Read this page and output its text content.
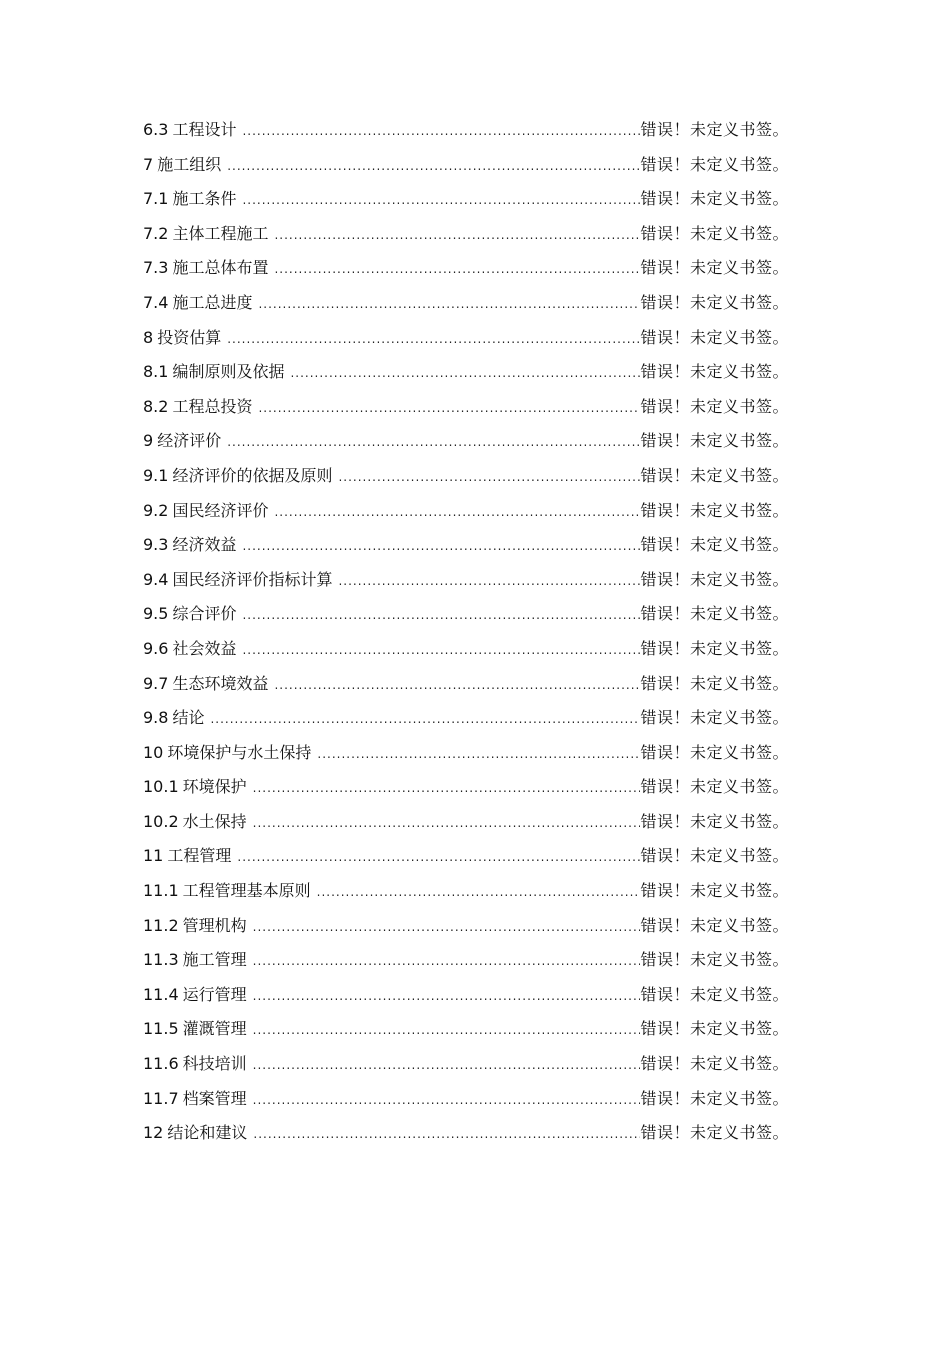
6.3 工程设计 .....	错误！未定义书签。
7 施工组织 .....	错误！未定义书签。
7.1 施工条件 .....	错误！未定义书签。
7.2 主体工程施工 .....	错误！未定义书签。
7.3 施工总体布置 .....	错误！未定义书签。
7.4 施工总进度 .....	错误！未定义书签。
8 投资估算 .....	错误！未定义书签。
8.1 编制原则及依据 .....	错误！未定义书签。
8.2 工程总投资 .....	错误！未定义书签。
9 经济评价 .....	错误！未定义书签。
9.1 经济评价的依据及原则 .....	错误！未定义书签。
9.2 国民经济评价 .....	错误！未定义书签。
9.3 经济效益 .....	错误！未定义书签。
9.4 国民经济评价指标计算 .....	错误！未定义书签。
9.5 综合评价 .....	错误！未定义书签。
9.6 社会效益 .....	错误！未定义书签。
9.7 生态环境效益 .....	错误！未定义书签。
9.8 结论 .....	错误！未定义书签。
10 环境保护与水土保持 .....	错误！未定义书签。
10.1 环境保护 .....	错误！未定义书签。
10.2 水土保持 .....	错误！未定义书签。
11 工程管理 .....	错误！未定义书签。
11.1 工程管理基本原则 .....	错误！未定义书签。
11.2 管理机构 .....	错误！未定义书签。
11.3 施工管理 .....	错误！未定义书签。
11.4 运行管理 .....	错误！未定义书签。
11.5 灌溉管理 .....	错误！未定义书签。
11.6 科技培训 .....	错误！未定义书签。
11.7 档案管理 .....	错误！未定义书签。
12 结论和建议 .....	错误！未定义书签。
